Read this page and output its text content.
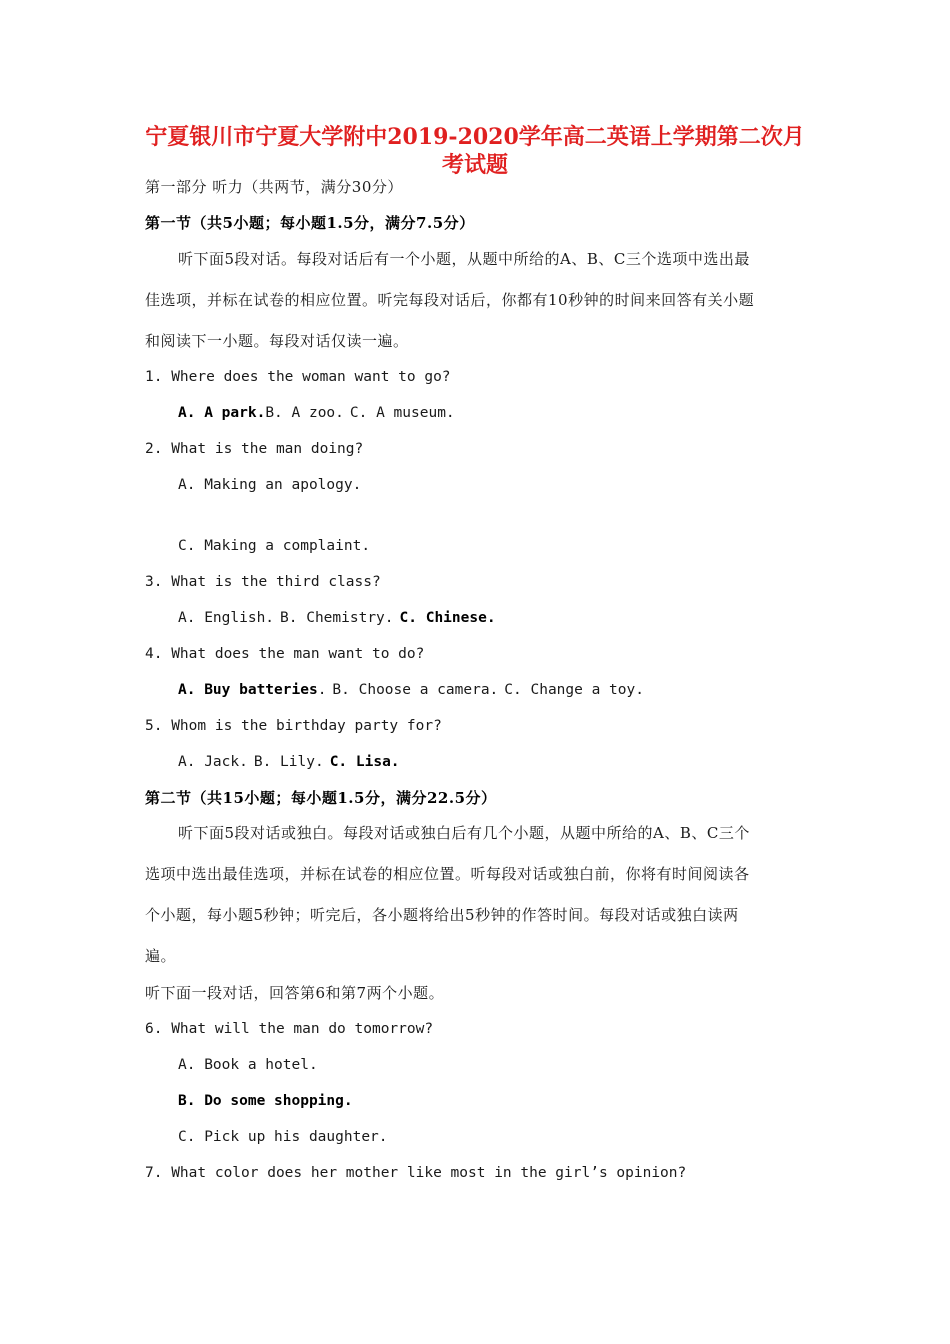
宁夏银川市宁夏大学附中2019-2020学年高二英语上学期第二次月
考试题
第一部分 听力（共两节，满分30分）
第一节（共5小题；每小题1.5分，满分7.5分）
听下面5段对话。每段对话后有一个小题，从题中所给的A、B、C三个选项中选出最
佳选项，并标在试卷的相应位置。听完每段对话后，你都有10秒钟的时间来回答有关小题
和阅读下一小题。每段对话仅读一遍。
1. Where does the woman want to go?
A. A park.B. A zoo. C. A museum.
2. What is the man doing?
A. Making an apology.
C. Making a complaint.
3. What is the third class?
A. English. B. Chemistry. C. Chinese.
4. What does the man want to do?
A. Buy batteries. B. Choose a camera. C. Change a toy.
5. Whom is the birthday party for?
A. Jack. B. Lily. C. Lisa.
第二节（共15小题；每小题1.5分，满分22.5分）
听下面5段对话或独白。每段对话或独白后有几个小题，从题中所给的A、B、C三个
选项中选出最佳选项，并标在试卷的相应位置。听每段对话或独白前，你将有时间阅读各
个小题，每小题5秒钟；听完后，各小题将给出5秒钟的作答时间。每段对话或独白读两
遍。
听下面一段对话，回答第6和第7两个小题。
6. What will the man do tomorrow?
A. Book a hotel.
B. Do some shopping.
C. Pick up his daughter.
7. What color does her mother like most in the girl’s opinion?
